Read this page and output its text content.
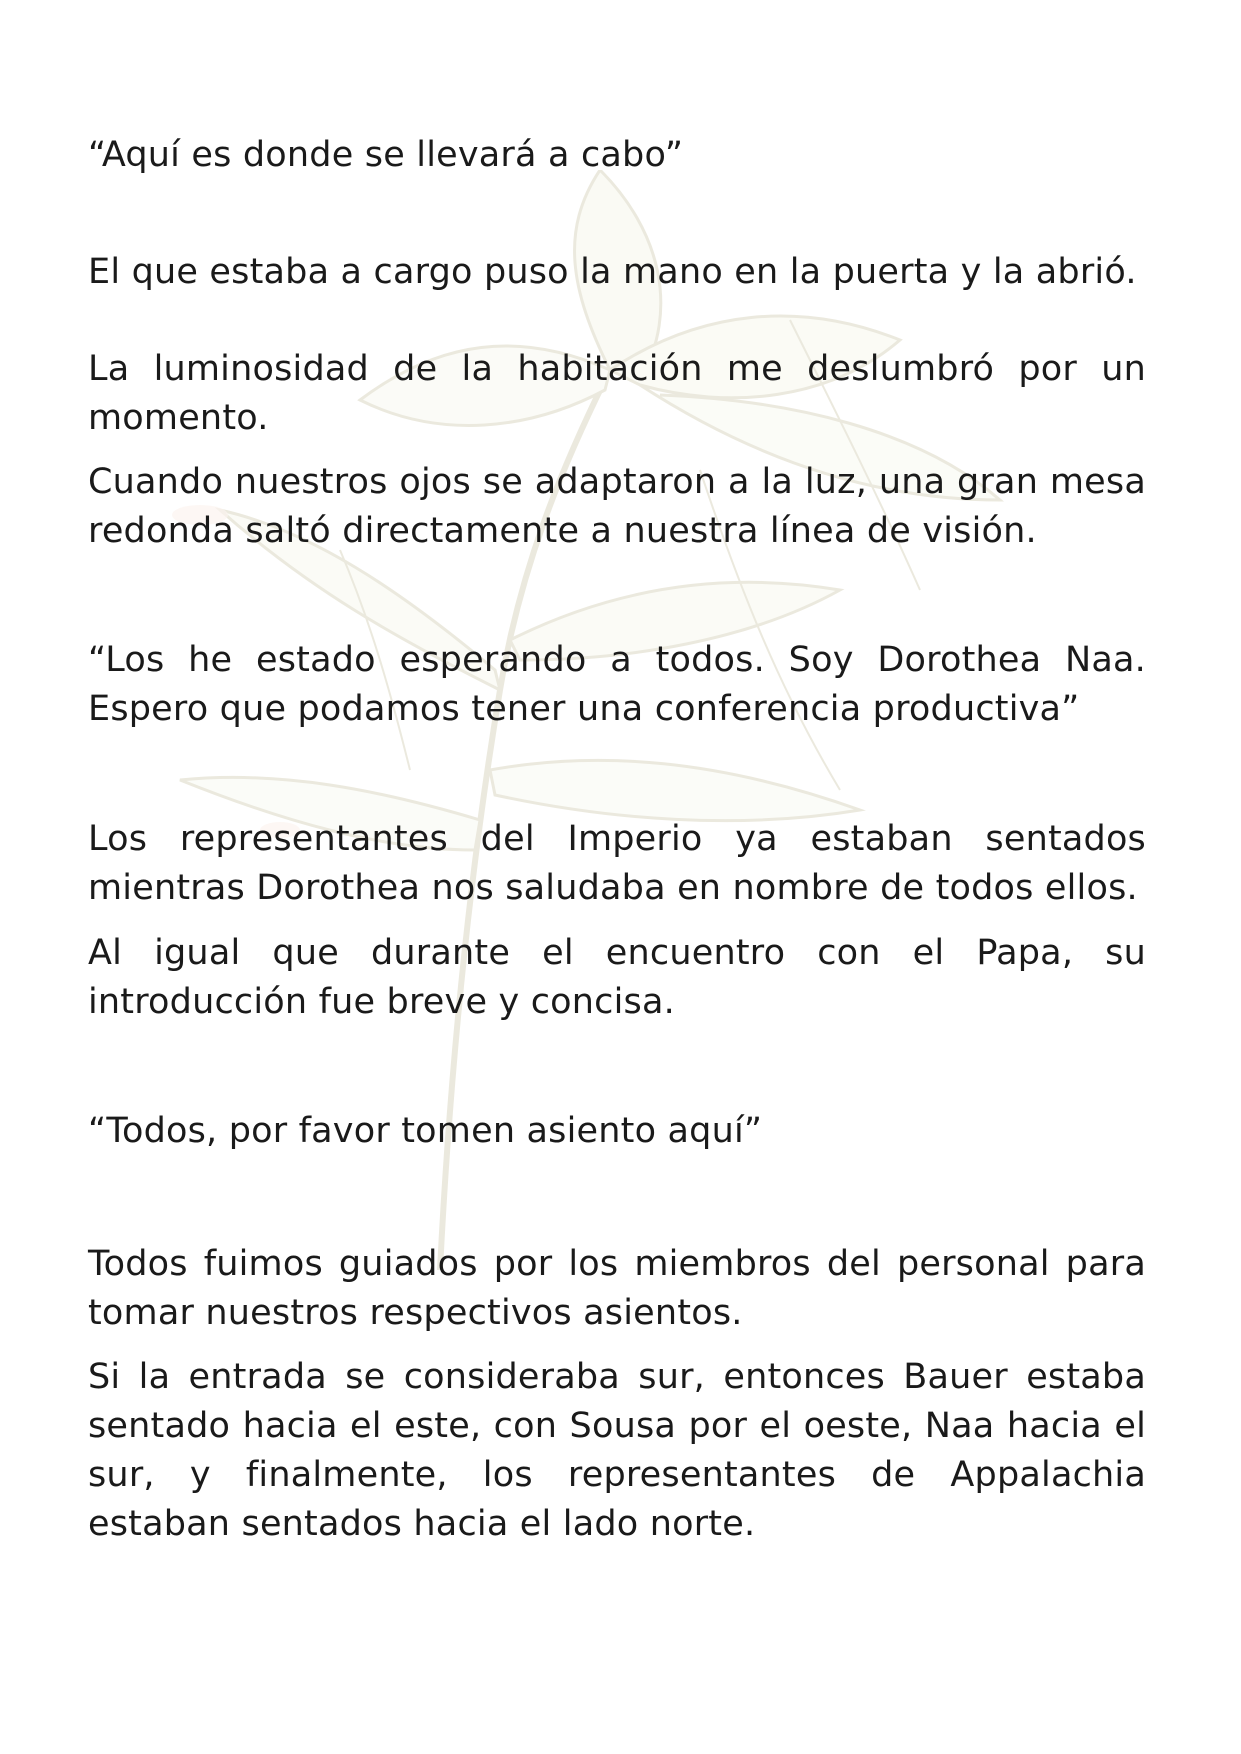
“Aquí es donde se llevará a cabo”

El que estaba a cargo puso la mano en la puerta y la abrió.

La luminosidad de la habitación me deslumbró por un momento.

Cuando nuestros ojos se adaptaron a la luz, una gran mesa redonda saltó directamente a nuestra línea de visión.

“Los he estado esperando a todos. Soy Dorothea Naa. Espero que podamos tener una conferencia productiva”

Los representantes del Imperio ya estaban sentados mientras Dorothea nos saludaba en nombre de todos ellos.

Al igual que durante el encuentro con el Papa, su introducción fue breve y concisa.

“Todos, por favor tomen asiento aquí”

Todos fuimos guiados por los miembros del personal para tomar nuestros respectivos asientos.

Si la entrada se consideraba sur, entonces Bauer estaba sentado hacia el este, con Sousa por el oeste, Naa hacia el sur, y finalmente, los representantes de Appalachia estaban sentados hacia el lado norte.
